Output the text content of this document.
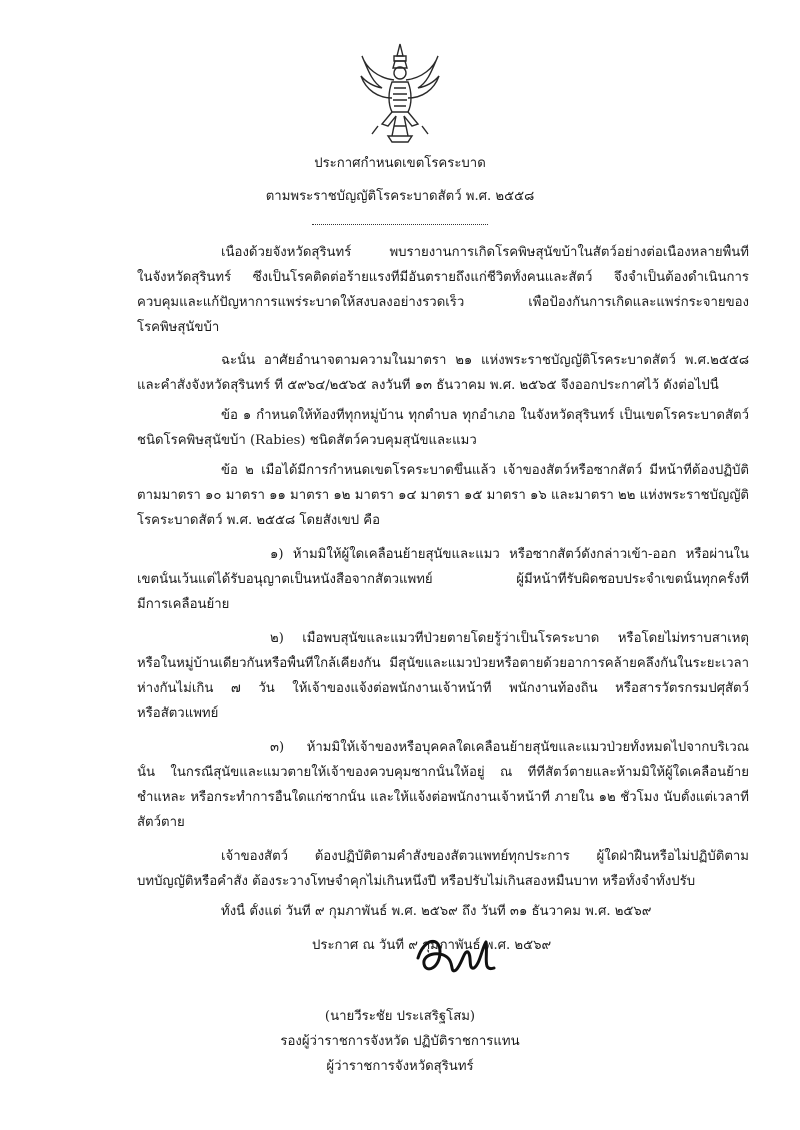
ประกาศกำหนดเขตโรคระบาด
ตามพระราชบัญญัติโรคระบาดสัตว์ พ.ศ. ๒๕๕๘
เนื่องด้วยจังหวัดสุรินทร์ พบรายงานการเกิดโรคพิษสุนัขบ้าในสัตว์อย่างต่อเนื่องหลายพื้นที่
ในจังหวัดสุรินทร์ ซึ่งเป็นโรคติดต่อร้ายแรงที่มีอันตรายถึงแก่ชีวิตทั้งคนและสัตว์ จึงจำเป็นต้องดำเนินการ
ควบคุมและแก้ปัญหาการแพร่ระบาดให้สงบลงอย่างรวดเร็ว เพื่อป้องกันการเกิดและแพร่กระจายของ
โรคพิษสุนัขบ้า
ฉะนั้น อาศัยอำนาจตามความในมาตรา ๒๑ แห่งพระราชบัญญัติโรคระบาดสัตว์ พ.ศ.๒๕๕๘
และคำสั่งจังหวัดสุรินทร์ ที่ ๕๙๖๔/๒๕๖๕ ลงวันที่ ๑๓ ธันวาคม พ.ศ. ๒๕๖๕ จึงออกประกาศไว้ ดังต่อไปนี้
ข้อ ๑ กำหนดให้ท้องที่ทุกหมู่บ้าน ทุกตำบล ทุกอำเภอ ในจังหวัดสุรินทร์ เป็นเขตโรคระบาดสัตว์
ชนิดโรคพิษสุนัขบ้า (Rabies) ชนิดสัตว์ควบคุมสุนัขและแมว
ข้อ ๒ เมื่อได้มีการกำหนดเขตโรคระบาดขึ้นแล้ว เจ้าของสัตว์หรือซากสัตว์ มีหน้าที่ต้องปฏิบัติ
ตามมาตรา ๑๐ มาตรา ๑๑ มาตรา ๑๒ มาตรา ๑๔ มาตรา ๑๕ มาตรา ๑๖ และมาตรา ๒๒ แห่งพระราชบัญญัติ
โรคระบาดสัตว์ พ.ศ. ๒๕๕๘ โดยสังเขป คือ
๑) ห้ามมิให้ผู้ใดเคลื่อนย้ายสุนัขและแมว หรือซากสัตว์ดังกล่าวเข้า-ออก หรือผ่านใน
เขตนั้นเว้นแต่ได้รับอนุญาตเป็นหนังสือจากสัตวแพทย์ ผู้มีหน้าที่รับผิดชอบประจำเขตนั้นทุกครั้งที่
มีการเคลื่อนย้าย
๒) เมื่อพบสุนัขและแมวที่ป่วยตายโดยรู้ว่าเป็นโรคระบาด หรือโดยไม่ทราบสาเหตุ
หรือในหมู่บ้านเดียวกันหรือพื้นที่ใกล้เคียงกัน มีสุนัขและแมวป่วยหรือตายด้วยอาการคล้ายคลึงกันในระยะเวลา
ห่างกันไม่เกิน ๗ วัน ให้เจ้าของแจ้งต่อพนักงานเจ้าหน้าที่ พนักงานท้องถิ่น หรือสารวัตรกรมปศุสัตว์
หรือสัตวแพทย์
๓) ห้ามมิให้เจ้าของหรือบุคคลใดเคลื่อนย้ายสุนัขและแมวป่วยทั้งหมดไปจากบริเวณ
นั้น ในกรณีสุนัขและแมวตายให้เจ้าของควบคุมซากนั้นให้อยู่ ณ ที่ที่สัตว์ตายและห้ามมิให้ผู้ใดเคลื่อนย้าย
ชำแหละ หรือกระทำการอื่นใดแก่ซากนั้น และให้แจ้งต่อพนักงานเจ้าหน้าที่ ภายใน ๑๒ ชั่วโมง นับตั้งแต่เวลาที่
สัตว์ตาย
เจ้าของสัตว์ ต้องปฏิบัติตามคำสั่งของสัตวแพทย์ทุกประการ ผู้ใดฝ่าฝืนหรือไม่ปฏิบัติตาม
บทบัญญัติหรือคำสั่ง ต้องระวางโทษจำคุกไม่เกินหนึ่งปี หรือปรับไม่เกินสองหมื่นบาท หรือทั้งจำทั้งปรับ
ทั้งนี้ ตั้งแต่ วันที่ ๙ กุมภาพันธ์ พ.ศ. ๒๕๖๙ ถึง วันที่ ๓๑ ธันวาคม พ.ศ. ๒๕๖๙
ประกาศ ณ วันที่ ๙ กุมภาพันธ์ พ.ศ. ๒๕๖๙
(นายวีระชัย ประเสริฐโสม)
รองผู้ว่าราชการจังหวัด ปฏิบัติราชการแทน
ผู้ว่าราชการจังหวัดสุรินทร์
